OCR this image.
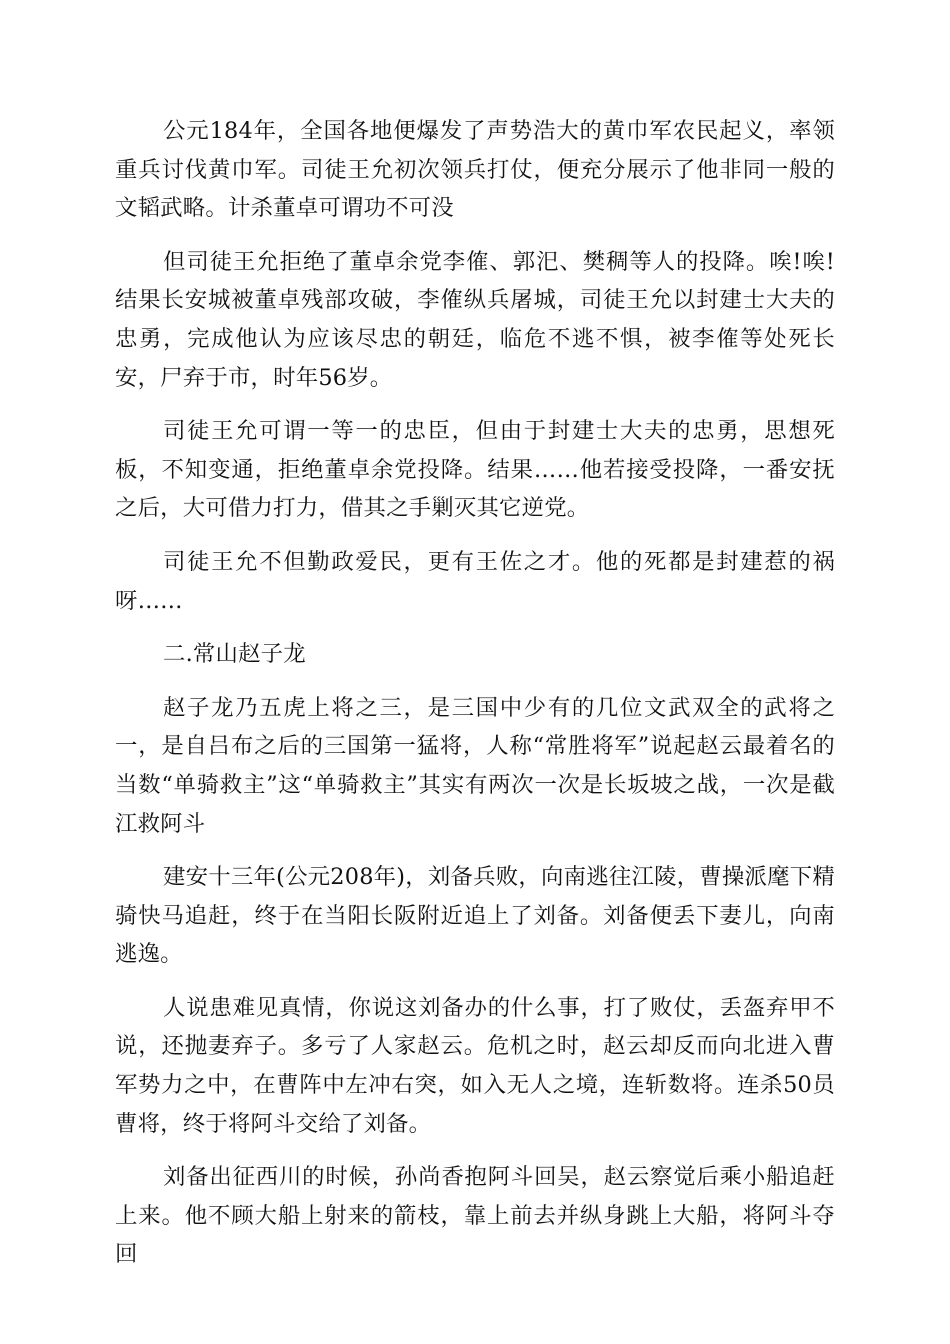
公元184年，全国各地便爆发了声势浩大的黄巾军农民起义，率领重兵讨伐黄巾军。司徒王允初次领兵打仗，便充分展示了他非同一般的文韬武略。计杀董卓可谓功不可没

但司徒王允拒绝了董卓余党李傕、郭汜、樊稠等人的投降。唉!唉!结果长安城被董卓残部攻破，李傕纵兵屠城，司徒王允以封建士大夫的忠勇，完成他认为应该尽忠的朝廷，临危不逃不惧，被李傕等处死长安，尸弃于市，时年56岁。

司徒王允可谓一等一的忠臣，但由于封建士大夫的忠勇，思想死板，不知变通，拒绝董卓余党投降。结果……他若接受投降，一番安抚之后，大可借力打力，借其之手剿灭其它逆党。

司徒王允不但勤政爱民，更有王佐之才。他的死都是封建惹的祸呀……

二.常山赵子龙

赵子龙乃五虎上将之三，是三国中少有的几位文武双全的武将之一，是自吕布之后的三国第一猛将，人称“常胜将军”说起赵云最着名的当数“单骑救主”这“单骑救主”其实有两次一次是长坂坡之战，一次是截江救阿斗

建安十三年(公元208年)，刘备兵败，向南逃往江陵，曹操派麾下精骑快马追赶，终于在当阳长阪附近追上了刘备。刘备便丢下妻儿，向南逃逸。

人说患难见真情，你说这刘备办的什么事，打了败仗，丢盔弃甲不说，还抛妻弃子。多亏了人家赵云。危机之时，赵云却反而向北进入曹军势力之中，在曹阵中左冲右突，如入无人之境，连斩数将。连杀50员曹将，终于将阿斗交给了刘备。

刘备出征西川的时候，孙尚香抱阿斗回吴，赵云察觉后乘小船追赶上来。他不顾大船上射来的箭枝，靠上前去并纵身跳上大船，将阿斗夺回
